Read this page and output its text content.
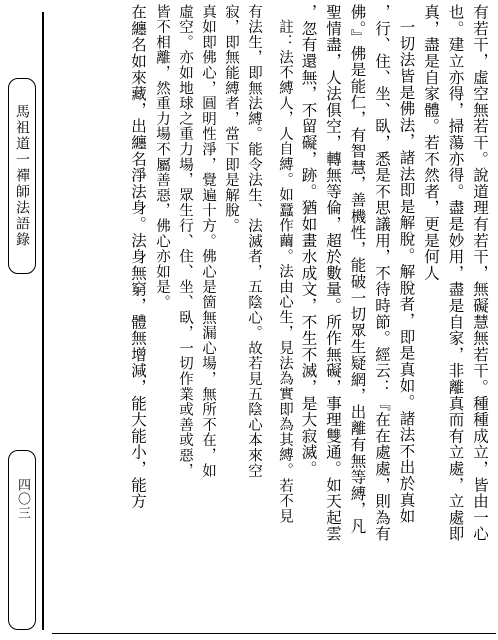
馬祖道一禪師法語錄
四〇三	有若干，虛空無若干。說道理有若干，無礙慧無若干。種種成立，皆由一心
也。建立亦得，掃蕩亦得。盡是妙用，盡是自家，非離真而有立處，立處即
真，盡是自家體。若不然者，更是何人
一切法皆是佛法，諸法即是解脫。解脫者，即是真如。諸法不出於真如
，行、住、坐、臥，悉是不思議用，不待時節。經云：『在在處處，則為有
佛。』佛是能仁，有智慧，善機性，能破一切眾生疑網，出離有無等縛，凡
聖情盡，人法俱空，轉無等倫，超於數量。所作無礙，事理雙通。如天起雲
，忽有還無，不留礙，跡。猶如畫水成文，不生不滅，是大寂滅。
註：法不縛人，人自縛。如蠶作繭。法由心生，見法為實即為其縛。若不見
有法生，即無法縛。能令法生、法滅者，五陰心。故若見五陰心本來空
寂，即無能縛者，當下即是解脫。
真如即佛心，圓明性淨，覺遍十方。佛心是箇無漏心場，無所不在，如
虛空。亦如地球之重力場，眾生行、住、坐、臥，一切作業或善或惡，
皆不相離，然重力場不屬善惡，佛心亦如是。
在纏名如來藏，出纏名淨法身。法身無窮，體無增減，能大能小，能方
